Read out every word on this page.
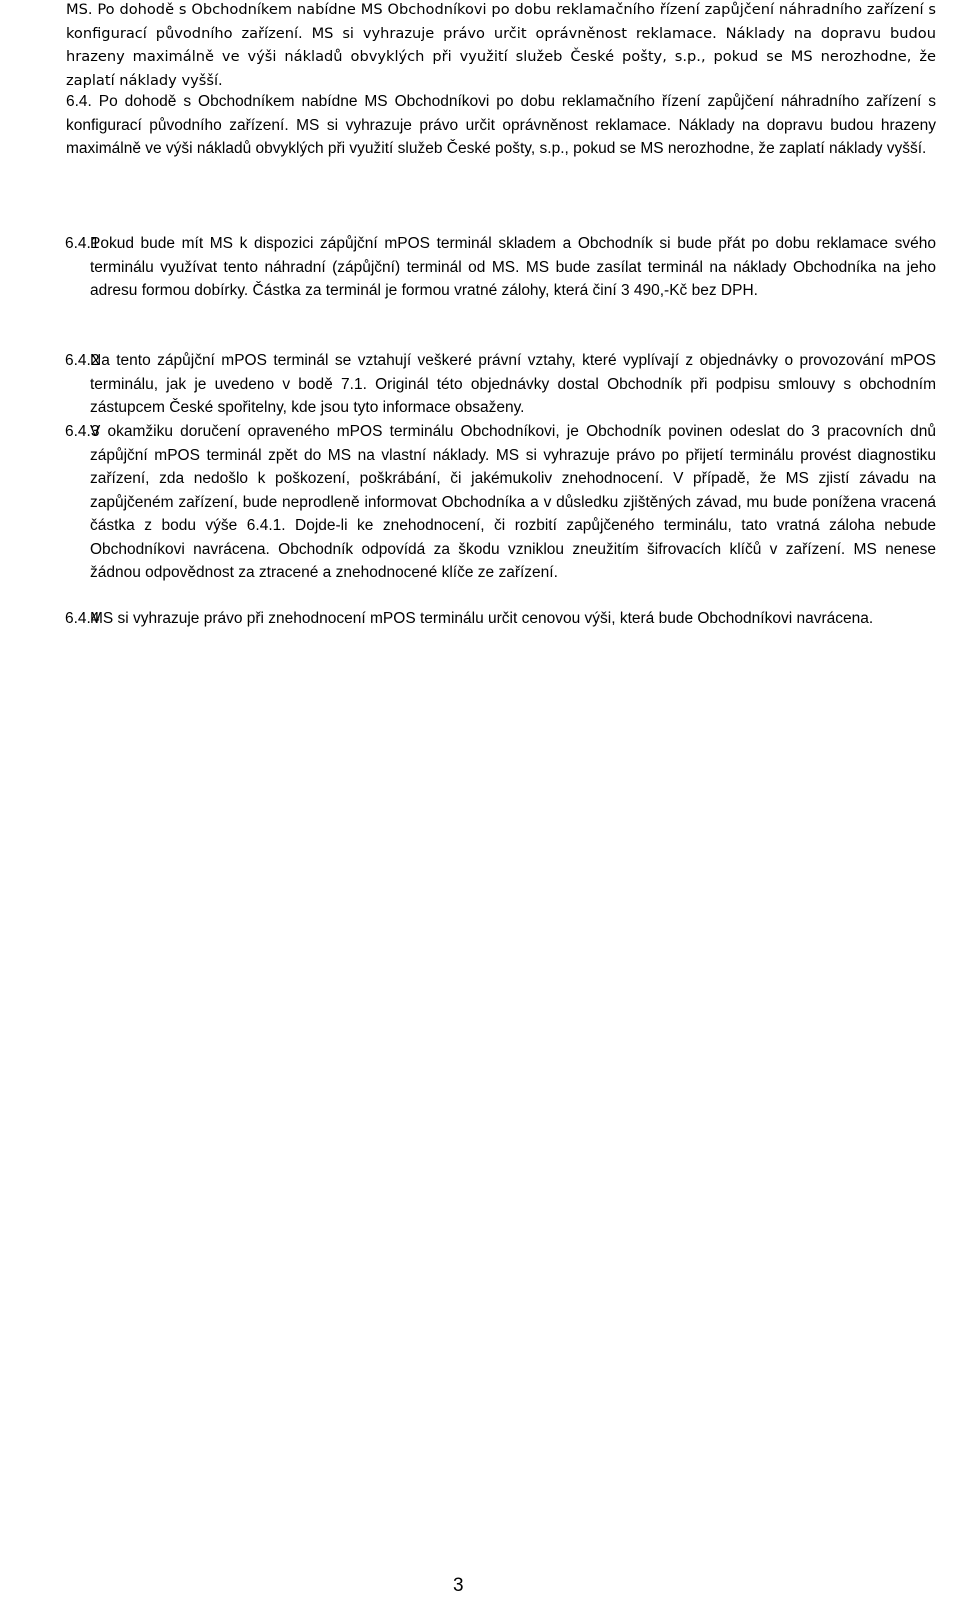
MS. Po dohodě s Obchodníkem nabídne MS Obchodníkovi po dobu reklamačního řízení zapůjčení náhradního zařízení s konfigurací původního zařízení. MS si vyhrazuje právo určit oprávněnost reklamace. Náklady na dopravu budou hrazeny maximálně ve výši nákladů obvyklých při využití služeb České pošty, s.p., pokud se MS nerozhodne, že zaplatí náklady vyšší.

6.4. Po dohodě s Obchodníkem nabídne MS Obchodníkovi po dobu reklamačního řízení zapůjčení náhradního zařízení s konfigurací původního zařízení. MS si vyhrazuje právo určit oprávněnost reklamace. Náklady na dopravu budou hrazeny maximálně ve výši nákladů obvyklých při využití služeb České pošty, s.p., pokud se MS nerozhodne, že zaplatí náklady vyšší.

6.4.1
Pokud bude mít MS k dispozici zápůjční mPOS terminál skladem a Obchodník si bude přát po dobu reklamace svého terminálu využívat tento náhradní (zápůjční) terminál od MS. MS bude zasílat terminál na náklady Obchodníka na jeho adresu formou dobírky. Částka za terminál je formou vratné zálohy, která činí 3 490,-Kč bez DPH.
6.4.2
Na tento zápůjční mPOS terminál se vztahují veškeré právní vztahy, které vyplívají z objednávky o provozování mPOS terminálu, jak je uvedeno v bodě 7.1. Originál této objednávky dostal Obchodník při podpisu smlouvy s obchodním zástupcem České spořitelny, kde jsou tyto informace obsaženy.
6.4.3
V okamžiku doručení opraveného mPOS terminálu Obchodníkovi, je Obchodník povinen odeslat do 3 pracovních dnů zápůjční mPOS terminál zpět do MS na vlastní náklady. MS si vyhrazuje právo po přijetí terminálu provést diagnostiku zařízení, zda nedošlo k poškození, poškrábání, či jakémukoliv znehodnocení. V případě, že MS zjistí závadu na zapůjčeném zařízení, bude neprodleně informovat Obchodníka a v důsledku zjištěných závad, mu bude ponížena vracená částka z bodu výše 6.4.1. Dojde-li ke znehodnocení, či rozbití zapůjčeného terminálu, tato vratná záloha nebude Obchodníkovi navrácena. Obchodník odpovídá za škodu vzniklou zneužitím šifrovacích klíčů v zařízení. MS nenese žádnou odpovědnost za ztracené a znehodnocené klíče ze zařízení.
6.4.4
MS si vyhrazuje právo při znehodnocení mPOS terminálu určit cenovou výši, která bude Obchodníkovi navrácena.
3
